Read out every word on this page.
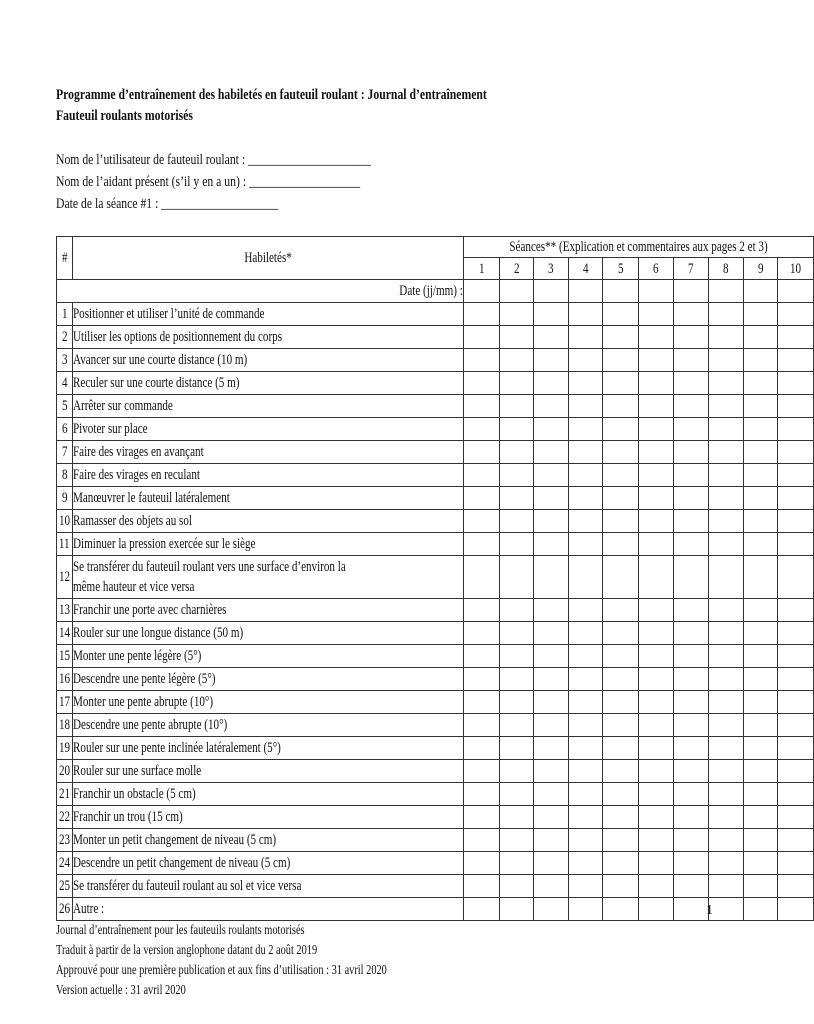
Programme d’entraînement des habiletés en fauteuil roulant : Journal d’entraînement
Fauteuil roulants motorisés
Nom de l’utilisateur de fauteuil roulant : _____________________
Nom de l’aidant présent (s’il y en a un) : ___________________
Date de la séance #1 : ____________________
#	Habiletés*	Séances** (Explication et commentaires aux pages 2 et 3)									
		1	2	3	4	5	6	7	8	9	10
Date (jj/mm) :											
1	Positionner et utiliser l’unité de commande										
2	Utiliser les options de positionnement du corps										
3	Avancer sur une courte distance (10 m)										
4	Reculer sur une courte distance (5 m)										
5	Arrêter sur commande										
6	Pivoter sur place										
7	Faire des virages en avançant										
8	Faire des virages en reculant										
9	Manœuvrer le fauteuil latéralement										
10	Ramasser des objets au sol										
11	Diminuer la pression exercée sur le siège										
12	Se transférer du fauteuil roulant vers une surface d’environ la même hauteur et vice versa										
13	Franchir une porte avec charnières										
14	Rouler sur une longue distance (50 m)										
15	Monter une pente légère (5°)										
16	Descendre une pente légère (5°)										
17	Monter une pente abrupte (10°)										
18	Descendre une pente abrupte (10°)										
19	Rouler sur une pente inclinée latéralement (5°)										
20	Rouler sur une surface molle										
21	Franchir un obstacle (5 cm)										
22	Franchir un trou (15 cm)										
23	Monter un petit changement de niveau (5 cm)										
24	Descendre un petit changement de niveau (5 cm)										
25	Se transférer du fauteuil roulant au sol et vice versa										
26	Autre :											1
Journal d’entraînement pour les fauteuils roulants motorisés
Traduit à partir de la version anglophone datant du 2 août 2019
Approuvé pour une première publication et aux fins d’utilisation : 31 avril 2020
Version actuelle : 31 avril 2020
